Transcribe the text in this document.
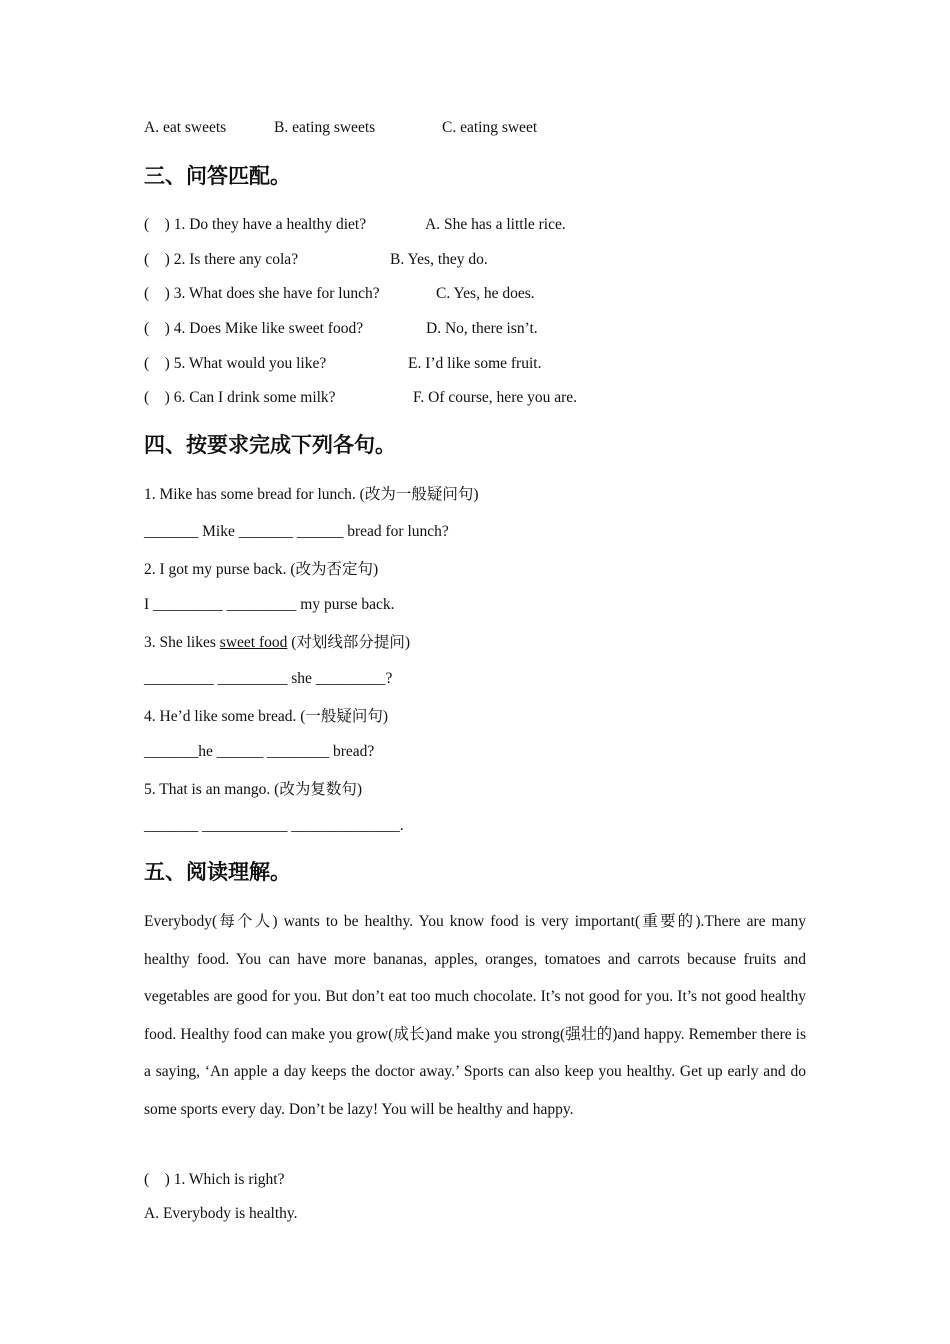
A. eat sweets	B. eating sweets	C. eating sweet
三、问答匹配。
(    ) 1. Do they have a healthy diet?	A. She has a little rice.
(    ) 2. Is there any cola?	B. Yes, they do.
(    ) 3. What does she have for lunch?	C. Yes, he does.
(    ) 4. Does Mike like sweet food?	D. No, there isn’t.
(    ) 5. What would you like?	E. I’d like some fruit.
(    ) 6. Can I drink some milk?	F. Of course, here you are.
四、按要求完成下列各句。
1. Mike has some bread for lunch. (改为一般疑问句)
_______ Mike _______ ______ bread for lunch?
2. I got my purse back. (改为否定句)
I _________ _________ my purse back.
3. She likes sweet food (对划线部分提问)
_________ _________ she _________?
4. He’d like some bread. (一般疑问句)
_______he ______ ________ bread?
5. That is an mango. (改为复数句)
_______ ___________ ______________.
五、阅读理解。
Everybody(每个人) wants to be healthy. You know food is very important(重要的).There are many healthy food. You can have more bananas, apples, oranges, tomatoes and carrots because fruits and vegetables are good for you. But don’t eat too much chocolate. It’s not good for you. It’s not good healthy food. Healthy food can make you grow(成长)and make you strong(强壮的)and happy. Remember there is a saying, ‘An apple a day keeps the doctor away.’ Sports can also keep you healthy. Get up early and do some sports every day. Don’t be lazy! You will be healthy and happy.
(    ) 1. Which is right?
A. Everybody is healthy.
